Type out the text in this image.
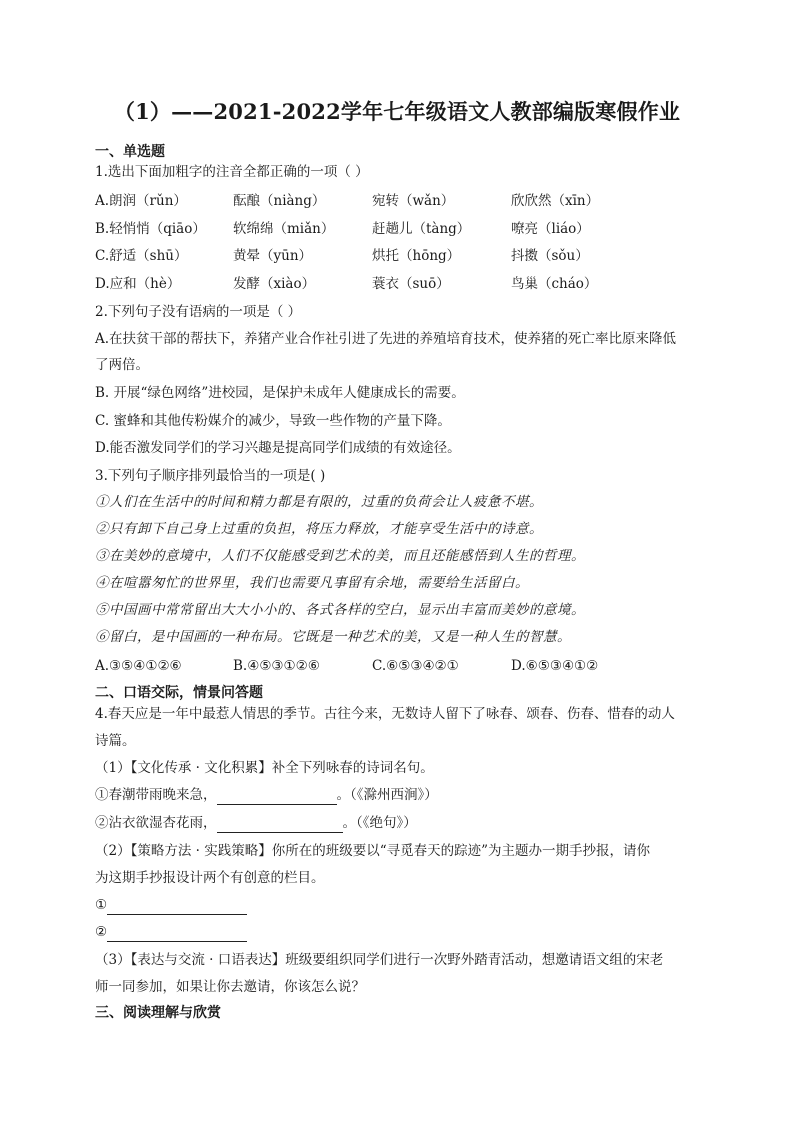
（1）——2021-2022学年七年级语文人教部编版寒假作业
一、单选题
1.选出下面加粗字的注音全都正确的一项（ ）
A.朗润（rǔn）	酝酿（niàng）	宛转（wǎn）	欣欣然（xīn）
B.轻悄悄（qiāo） 软绵绵（miǎn）	赶趟儿（tàng）	嘹亮（liáo）
C.舒适（shū）	黄晕（yūn）	烘托（hōng）	抖擞（sǒu）
D.应和（hè）	发酵（xiào）	蓑衣（suō）	鸟巢（cháo）
2.下列句子没有语病的一项是（ ）
A.在扶贫干部的帮扶下，养猪产业合作社引进了先进的养殖培育技术，使养猪的死亡率比原来降低
了两倍。
B. 开展“绿色网络”进校园，是保护未成年人健康成长的需要。
C. 蜜蜂和其他传粉媒介的减少，导致一些作物的产量下降。
D.能否激发同学们的学习兴趣是提高同学们成绩的有效途径。
3.下列句子顺序排列最恰当的一项是( )
①人们在生活中的时间和精力都是有限的，过重的负荷会让人疲惫不堪。
②只有卸下自己身上过重的负担，将压力释放，才能享受生活中的诗意。
③在美妙的意境中，人们不仅能感受到艺术的美，而且还能感悟到人生的哲理。
④在喧嚣匆忙的世界里，我们也需要凡事留有余地，需要给生活留白。
⑤中国画中常常留出大大小小的、各式各样的空白，显示出丰富而美妙的意境。
⑥留白，是中国画的一种布局。它既是一种艺术的美，又是一种人生的智慧。
A.③⑤④①②⑥	B.④⑤③①②⑥	C.⑥⑤③④②①	D.⑥⑤③④①②
二、口语交际，情景问答题
4.春天应是一年中最惹人情思的季节。古往今来，无数诗人留下了咏春、颂春、伤春、惜春的动人
诗篇。
（1）【文化传承 · 文化积累】补全下列咏春的诗词名句。
①春潮带雨晚来急，	。（《滁州西涧》）
②沾衣欲湿杏花雨，	。（《绝句》）
（2）【策略方法 · 实践策略】你所在的班级要以“寻觅春天的踪迹”为主题办一期手抄报，请你
为这期手抄报设计两个有创意的栏目。
①
②
（3）【表达与交流 · 口语表达】班级要组织同学们进行一次野外踏青活动，想邀请语文组的宋老
师一同参加，如果让你去邀请，你该怎么说？
三、阅读理解与欣赏
